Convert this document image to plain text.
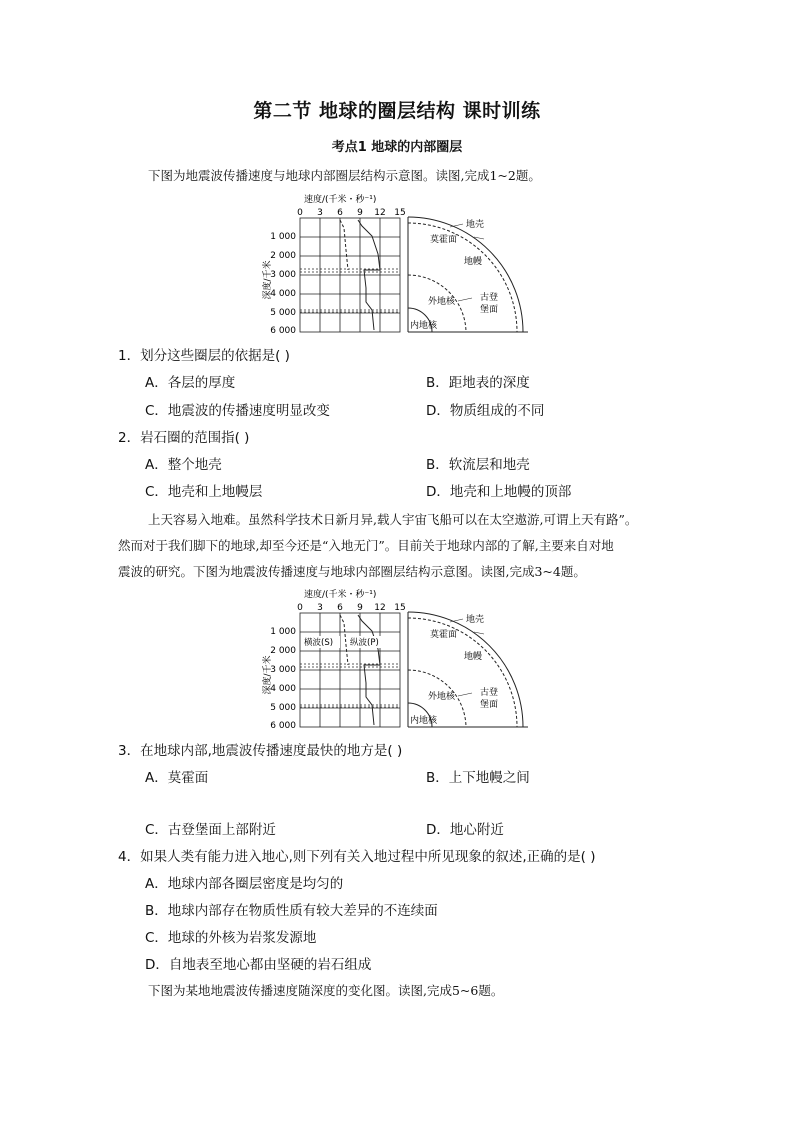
第二节 地球的圈层结构 课时训练
考点1 地球的内部圈层
下图为地震波传播速度与地球内部圈层结构示意图。读图,完成1~2题。
速度/(千米・秒⁻¹)
0 3 6 9 12 15
深度/千米
1 000
2 000
3 000
4 000
5 000
6 000
地壳
莫霍面
地幔
外地核	古登
堡面
内地核
1．划分这些圈层的依据是( )
A．各层的厚度	B．距地表的深度
C．地震波的传播速度明显改变	D．物质组成的不同
2．岩石圈的范围指( )
A．整个地壳	B．软流层和地壳
C．地壳和上地幔层	D．地壳和上地幔的顶部
上天容易入地难。虽然科学技术日新月异,载人宇宙飞船可以在太空遨游,可谓上天有路”。
然而对于我们脚下的地球,却至今还是“入地无门”。目前关于地球内部的了解,主要来自对地
震波的研究。下图为地震波传播速度与地球内部圈层结构示意图。读图,完成3~4题。
速度/(千米・秒⁻¹)
0 3 6 9 12 15
深度/千米
1 000
2 000
3 000
4 000
5 000
6 000
横波(S) 纵波(P)
地壳
莫霍面
地幔
外地核	古登
堡面
内地核
3．在地球内部,地震波传播速度最快的地方是( )
A．莫霍面	B．上下地幔之间
C．古登堡面上部附近	D．地心附近
4．如果人类有能力进入地心,则下列有关入地过程中所见现象的叙述,正确的是( )
A．地球内部各圈层密度是均匀的
B．地球内部存在物质性质有较大差异的不连续面
C．地球的外核为岩浆发源地
D．自地表至地心都由坚硬的岩石组成
下图为某地地震波传播速度随深度的变化图。读图,完成5~6题。
